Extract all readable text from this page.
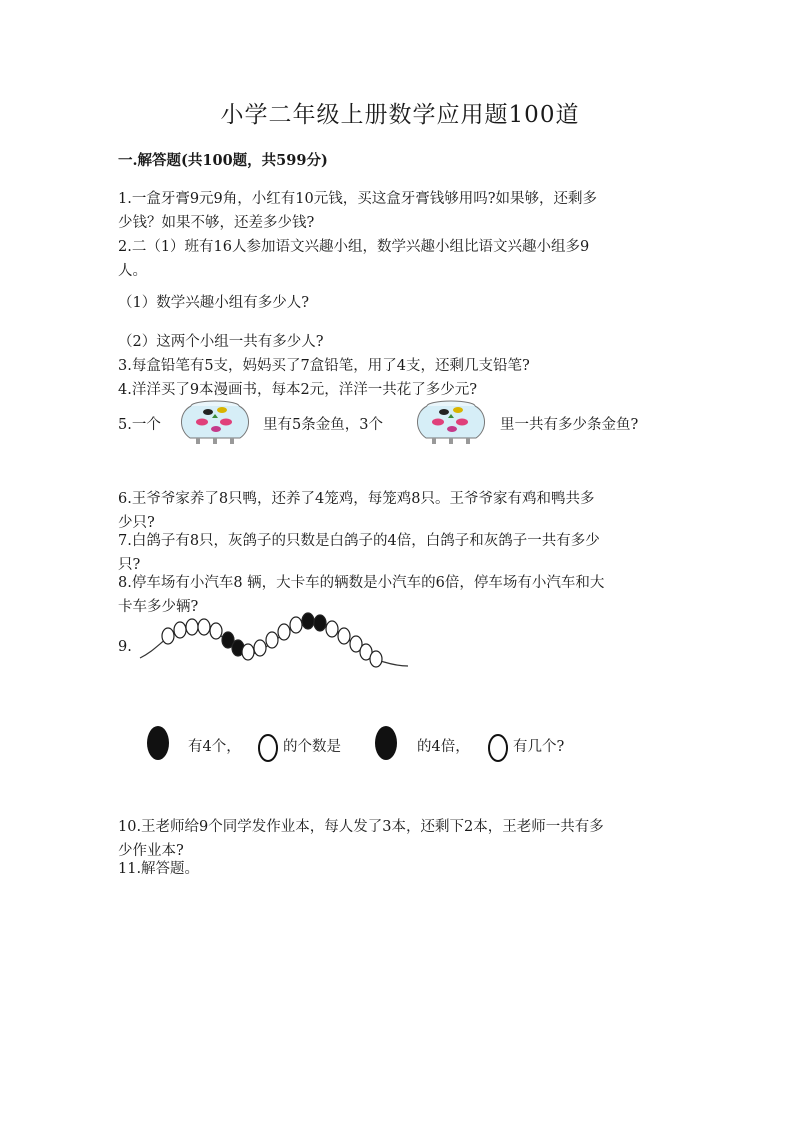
小学二年级上册数学应用题100道
一.解答题(共100题，共599分)
1.一盒牙膏9元9角，小红有10元钱，买这盒牙膏钱够用吗?如果够，还剩多
少钱？如果不够，还差多少钱?
2.二（1）班有16人参加语文兴趣小组，数学兴趣小组比语文兴趣小组多9
人。
（1）数学兴趣小组有多少人?
（2）这两个小组一共有多少人?
3.每盒铅笔有5支，妈妈买了7盒铅笔，用了4支，还剩几支铅笔?
4.洋洋买了9本漫画书，每本2元，洋洋一共花了多少元?
5.一个	里有5条金鱼，3个	里一共有多少条金鱼?
6.王爷爷家养了8只鸭，还养了4笼鸡，每笼鸡8只。王爷爷家有鸡和鸭共多
少只?
7.白鸽子有8只，灰鸽子的只数是白鸽子的4倍，白鸽子和灰鸽子一共有多少
只?
8.停车场有小汽车8 辆，大卡车的辆数是小汽车的6倍，停车场有小汽车和大
卡车多少辆?
9.
有4个，	的个数是	的4倍，	有几个?
10.王老师给9个同学发作业本，每人发了3本，还剩下2本，王老师一共有多
少作业本?
11.解答题。
